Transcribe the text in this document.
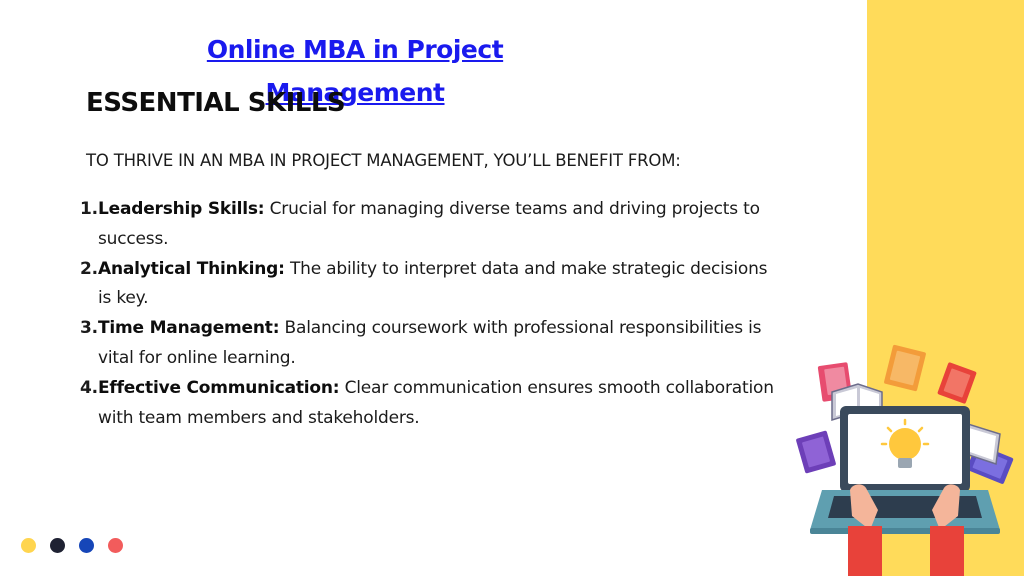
Online MBA in Project Management
ESSENTIAL SKILLS

TO THRIVE IN AN MBA IN PROJECT MANAGEMENT, YOU’LL BENEFIT FROM:

1. Leadership Skills: Crucial for managing diverse teams and driving projects to success.
2. Analytical Thinking: The ability to interpret data and make strategic decisions is key.
3. Time Management: Balancing coursework with professional responsibilities is vital for online learning.
4. Effective Communication: Clear communication ensures smooth collaboration with team members and stakeholders.
